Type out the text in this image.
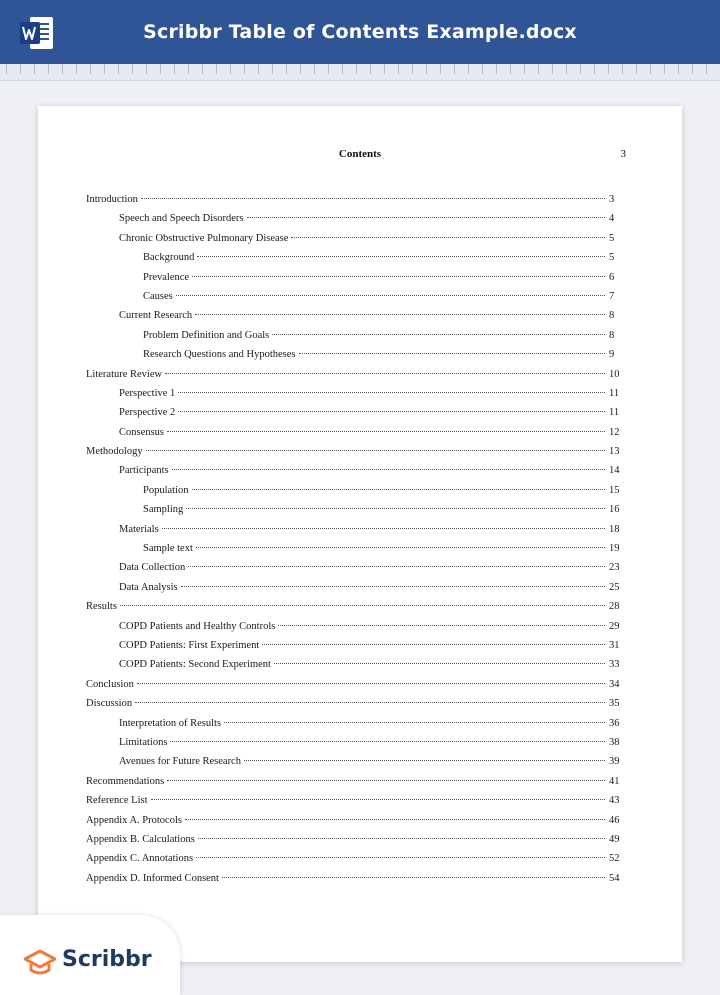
Scribbr Table of Contents Example.docx
Contents	3
Introduction	3
Speech and Speech Disorders	4
Chronic Obstructive Pulmonary Disease	5
Background	5
Prevalence	6
Causes	7
Current Research	8
Problem Definition and Goals	8
Research Questions and Hypotheses	9
Literature Review	10
Perspective 1	11
Perspective 2	11
Consensus	12
Methodology	13
Participants	14
Population	15
Sampling	16
Materials	18
Sample text	19
Data Collection	23
Data Analysis	25
Results	28
COPD Patients and Healthy Controls	29
COPD Patients: First Experiment	31
COPD Patients: Second Experiment	33
Conclusion	34
Discussion	35
Interpretation of Results	36
Limitations	38
Avenues for Future Research	39
Recommendations	41
Reference List	43
Appendix A. Protocols	46
Appendix B. Calculations	49
Appendix C. Annotations	52
Appendix D. Informed Consent	54
Scribbr
